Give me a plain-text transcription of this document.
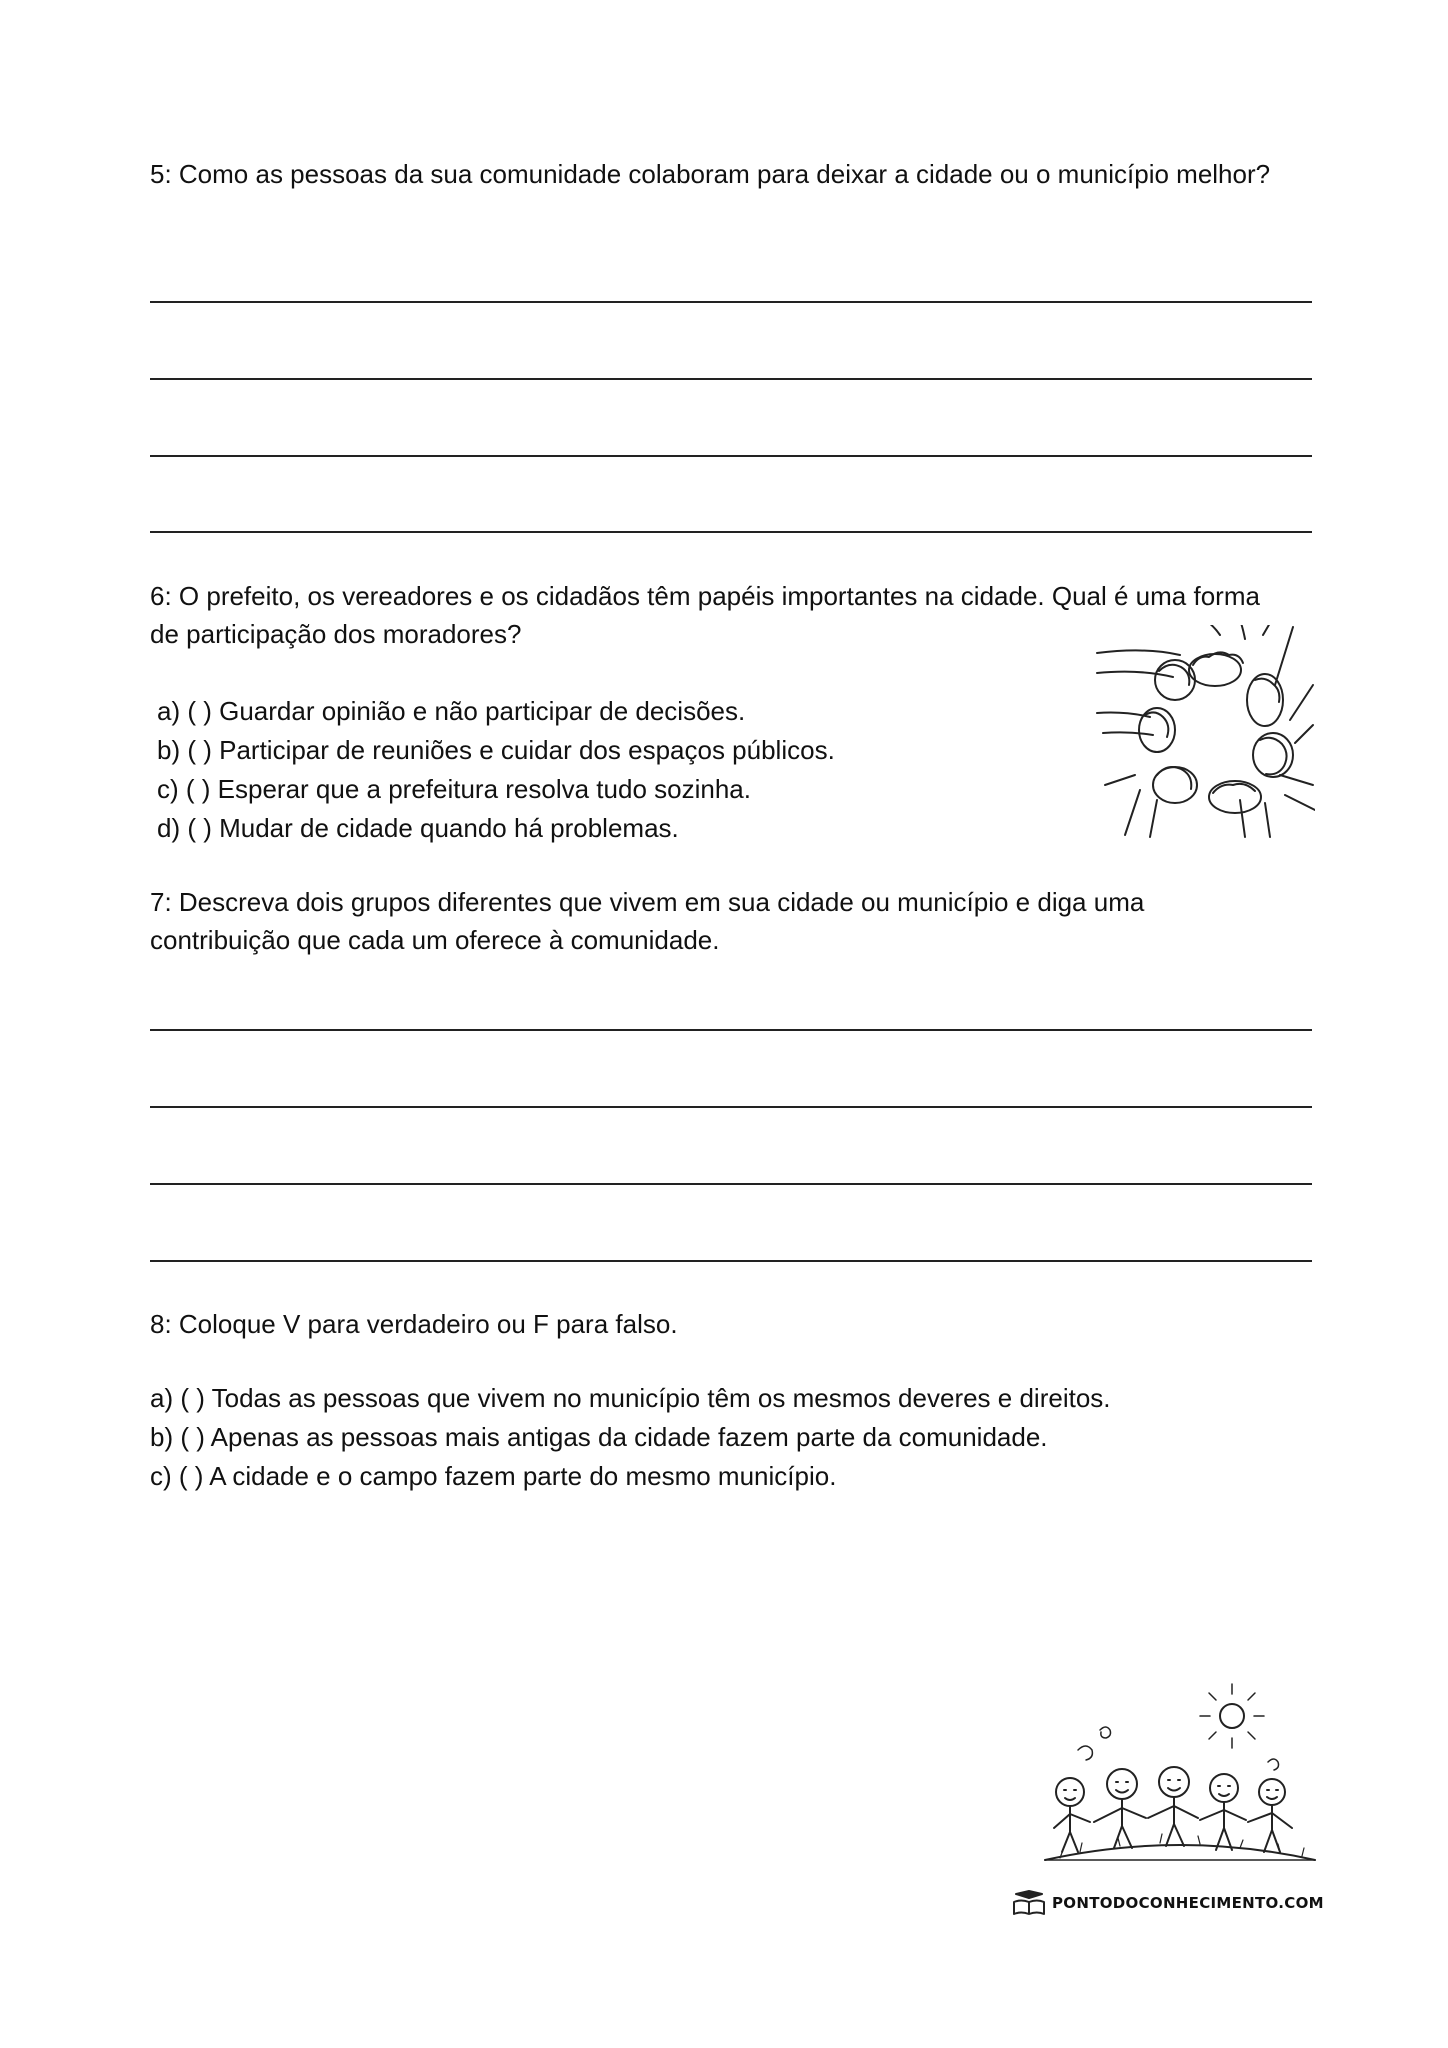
5: Como as pessoas da sua comunidade colaboram para deixar a cidade ou o município melhor?

6: O prefeito, os vereadores e os cidadãos têm papéis importantes na cidade. Qual é uma forma de participação dos moradores?

a) ( ) Guardar opinião e não participar de decisões.
b) ( ) Participar de reuniões e cuidar dos espaços públicos.
c) ( ) Esperar que a prefeitura resolva tudo sozinha.
d) ( ) Mudar de cidade quando há problemas.

7: Descreva dois grupos diferentes que vivem em sua cidade ou município e diga uma contribuição que cada um oferece à comunidade.

8: Coloque V para verdadeiro ou F para falso.

a) ( ) Todas as pessoas que vivem no município têm os mesmos deveres e direitos.
b) ( ) Apenas as pessoas mais antigas da cidade fazem parte da comunidade.
c) ( ) A cidade e o campo fazem parte do mesmo município.
PONTODOCONHECIMENTO.COM
